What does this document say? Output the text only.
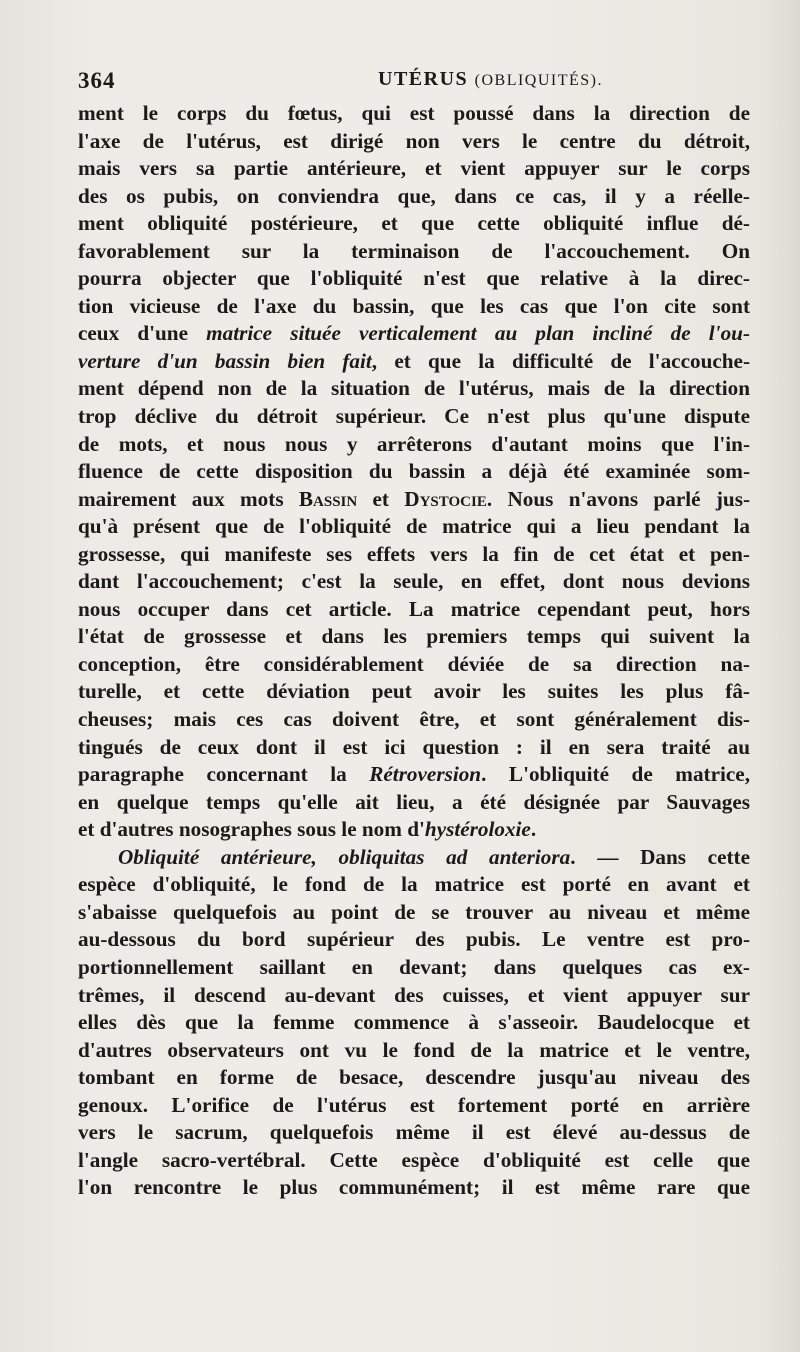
364	UTÉRUS (OBLIQUITÉS).
ment le corps du fœtus, qui est poussé dans la direction de
l'axe de l'utérus, est dirigé non vers le centre du détroit,
mais vers sa partie antérieure, et vient appuyer sur le corps
des os pubis, on conviendra que, dans ce cas, il y a réelle-
ment obliquité postérieure, et que cette obliquité influe dé-
favorablement sur la terminaison de l'accouchement. On
pourra objecter que l'obliquité n'est que relative à la direc-
tion vicieuse de l'axe du bassin, que les cas que l'on cite sont
ceux d'une matrice située verticalement au plan incliné de l'ou-
verture d'un bassin bien fait, et que la difficulté de l'accouche-
ment dépend non de la situation de l'utérus, mais de la direction
trop déclive du détroit supérieur. Ce n'est plus qu'une dispute
de mots, et nous nous y arrêterons d'autant moins que l'in-
fluence de cette disposition du bassin a déjà été examinée som-
mairement aux mots Bassin et Dystocie. Nous n'avons parlé jus-
qu'à présent que de l'obliquité de matrice qui a lieu pendant la
grossesse, qui manifeste ses effets vers la fin de cet état et pen-
dant l'accouchement; c'est la seule, en effet, dont nous devions
nous occuper dans cet article. La matrice cependant peut, hors
l'état de grossesse et dans les premiers temps qui suivent la
conception, être considérablement déviée de sa direction na-
turelle, et cette déviation peut avoir les suites les plus fâ-
cheuses; mais ces cas doivent être, et sont généralement dis-
tingués de ceux dont il est ici question : il en sera traité au
paragraphe concernant la Rétroversion. L'obliquité de matrice,
en quelque temps qu'elle ait lieu, a été désignée par Sauvages
et d'autres nosographes sous le nom d'hystéroloxie.
Obliquité antérieure, obliquitas ad anteriora. — Dans cette
espèce d'obliquité, le fond de la matrice est porté en avant et
s'abaisse quelquefois au point de se trouver au niveau et même
au-dessous du bord supérieur des pubis. Le ventre est pro-
portionnellement saillant en devant; dans quelques cas ex-
trêmes, il descend au-devant des cuisses, et vient appuyer sur
elles dès que la femme commence à s'asseoir. Baudelocque et
d'autres observateurs ont vu le fond de la matrice et le ventre,
tombant en forme de besace, descendre jusqu'au niveau des
genoux. L'orifice de l'utérus est fortement porté en arrière
vers le sacrum, quelquefois même il est élevé au-dessus de
l'angle sacro-vertébral. Cette espèce d'obliquité est celle que
l'on rencontre le plus communément; il est même rare que
